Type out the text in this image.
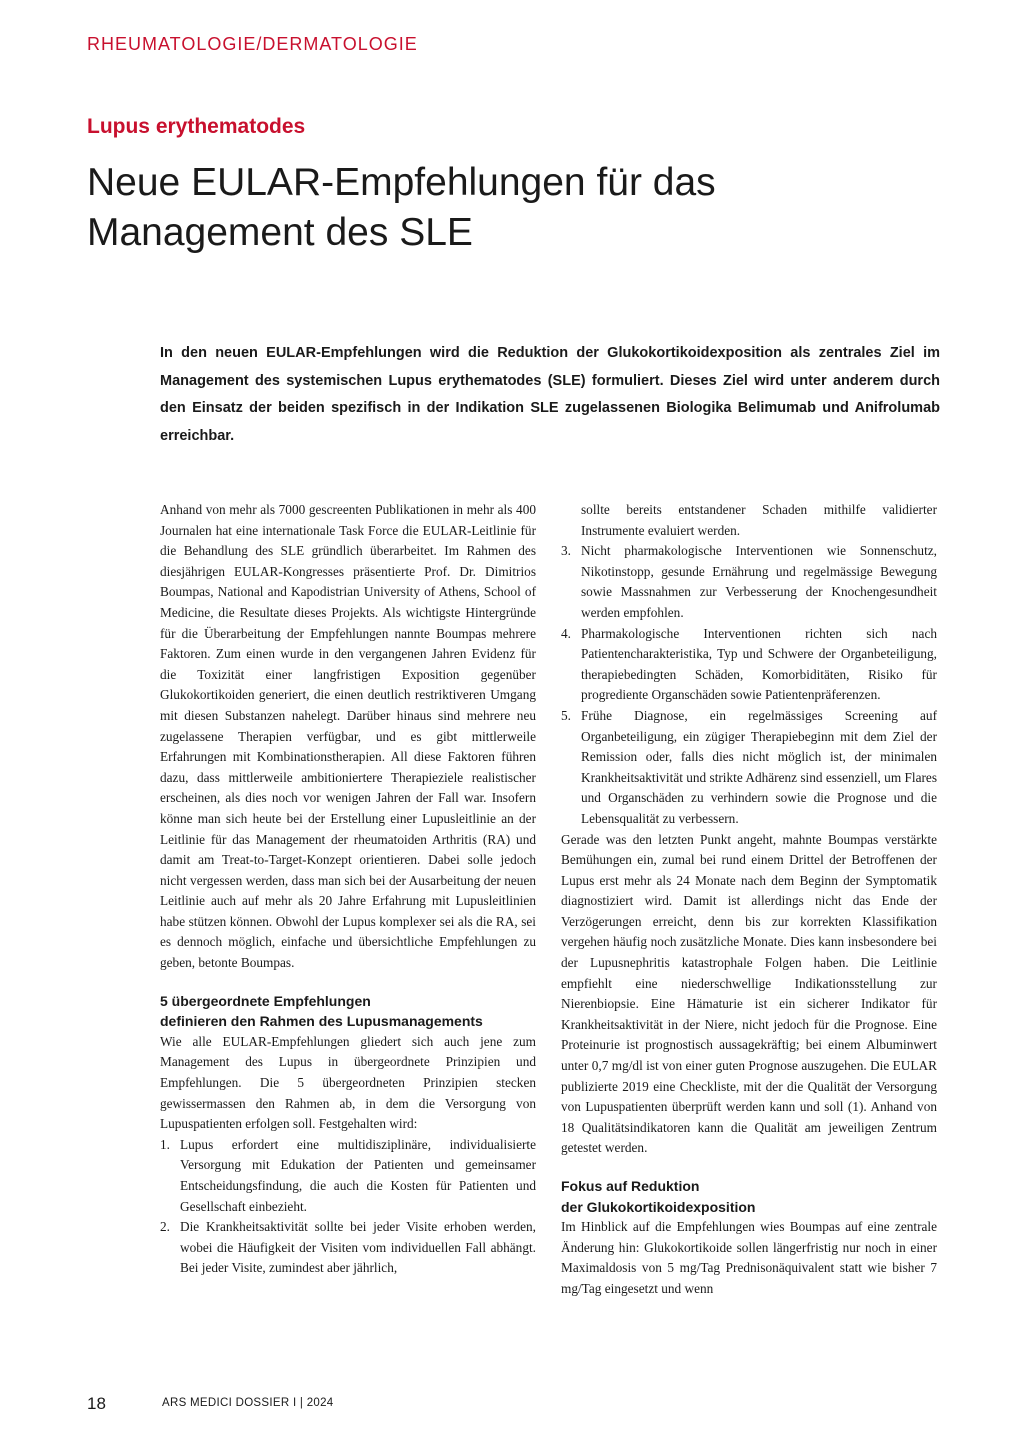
RHEUMATOLOGIE/DERMATOLOGIE
Lupus erythematodes
Neue EULAR-Empfehlungen für das Management des SLE

In den neuen EULAR-Empfehlungen wird die Reduktion der Glukokortikoidexposition als zentrales Ziel im Management des systemischen Lupus erythematodes (SLE) formuliert. Dieses Ziel wird unter anderem durch den Einsatz der beiden spezifisch in der Indikation SLE zugelassenen Biologika Belimumab und Anifrolumab erreichbar.

Anhand von mehr als 7000 gescreenten Publikationen in mehr als 400 Journalen hat eine internationale Task Force die EULAR-Leitlinie für die Behandlung des SLE gründlich überarbeitet. Im Rahmen des diesjährigen EULAR-Kongresses präsentierte Prof. Dr. Dimitrios Boumpas, National and Kapodistrian University of Athens, School of Medicine, die Resultate dieses Projekts. Als wichtigste Hintergründe für die Überarbeitung der Empfehlungen nannte Boumpas mehrere Faktoren. Zum einen wurde in den vergangenen Jahren Evidenz für die Toxizität einer langfristigen Exposition gegenüber Glukokortikoiden generiert, die einen deutlich restriktiveren Umgang mit diesen Substanzen nahelegt. Darüber hinaus sind mehrere neu zugelassene Therapien verfügbar, und es gibt mittlerweile Erfahrungen mit Kombinationstherapien. All diese Faktoren führen dazu, dass mittlerweile ambitioniertere Therapieziele realistischer erscheinen, als dies noch vor wenigen Jahren der Fall war. Insofern könne man sich heute bei der Erstellung einer Lupusleitlinie an der Leitlinie für das Management der rheumatoiden Arthritis (RA) und damit am Treat-to-Target-Konzept orientieren. Dabei solle jedoch nicht vergessen werden, dass man sich bei der Ausarbeitung der neuen Leitlinie auch auf mehr als 20 Jahre Erfahrung mit Lupusleitlinien habe stützen können. Obwohl der Lupus komplexer sei als die RA, sei es dennoch möglich, einfache und übersichtliche Empfehlungen zu geben, betonte Boumpas.

5 übergeordnete Empfehlungen
definieren den Rahmen des Lupusmanagements

Wie alle EULAR-Empfehlungen gliedert sich auch jene zum Management des Lupus in übergeordnete Prinzipien und Empfehlungen. Die 5 übergeordneten Prinzipien stecken gewissermassen den Rahmen ab, in dem die Versorgung von Lupuspatienten erfolgen soll. Festgehalten wird:

1. Lupus erfordert eine multidisziplinäre, individualisierte Versorgung mit Edukation der Patienten und gemeinsamer Entscheidungsfindung, die auch die Kosten für Patienten und Gesellschaft einbezieht.
2. Die Krankheitsaktivität sollte bei jeder Visite erhoben werden, wobei die Häufigkeit der Visiten vom individuellen Fall abhängt. Bei jeder Visite, zumindest aber jährlich,

sollte bereits entstandener Schaden mithilfe validierter Instrumente evaluiert werden.

3. Nicht pharmakologische Interventionen wie Sonnenschutz, Nikotinstopp, gesunde Ernährung und regelmässige Bewegung sowie Massnahmen zur Verbesserung der Knochengesundheit werden empfohlen.
4. Pharmakologische Interventionen richten sich nach Patientencharakteristika, Typ und Schwere der Organbeteiligung, therapiebedingten Schäden, Komorbiditäten, Risiko für progrediente Organschäden sowie Patientenpräferenzen.
5. Frühe Diagnose, ein regelmässiges Screening auf Organbeteiligung, ein zügiger Therapiebeginn mit dem Ziel der Remission oder, falls dies nicht möglich ist, der minimalen Krankheitsaktivität und strikte Adhärenz sind essenziell, um Flares und Organschäden zu verhindern sowie die Prognose und die Lebensqualität zu verbessern.

Gerade was den letzten Punkt angeht, mahnte Boumpas verstärkte Bemühungen ein, zumal bei rund einem Drittel der Betroffenen der Lupus erst mehr als 24 Monate nach dem Beginn der Symptomatik diagnostiziert wird. Damit ist allerdings nicht das Ende der Verzögerungen erreicht, denn bis zur korrekten Klassifikation vergehen häufig noch zusätzliche Monate. Dies kann insbesondere bei der Lupusnephritis katastrophale Folgen haben. Die Leitlinie empfiehlt eine niederschwellige Indikationsstellung zur Nierenbiopsie. Eine Hämaturie ist ein sicherer Indikator für Krankheitsaktivität in der Niere, nicht jedoch für die Prognose. Eine Proteinurie ist prognostisch aussagekräftig; bei einem Albuminwert unter 0,7 mg/dl ist von einer guten Prognose auszugehen. Die EULAR publizierte 2019 eine Checkliste, mit der die Qualität der Versorgung von Lupuspatienten überprüft werden kann und soll (1). Anhand von 18 Qualitätsindikatoren kann die Qualität am jeweiligen Zentrum getestet werden.

Fokus auf Reduktion
der Glukokortikoidexposition

Im Hinblick auf die Empfehlungen wies Boumpas auf eine zentrale Änderung hin: Glukokortikoide sollen längerfristig nur noch in einer Maximaldosis von 5 mg/Tag Prednisonäquivalent statt wie bisher 7 mg/Tag eingesetzt und wenn

18	ARS MEDICI DOSSIER I | 2024
